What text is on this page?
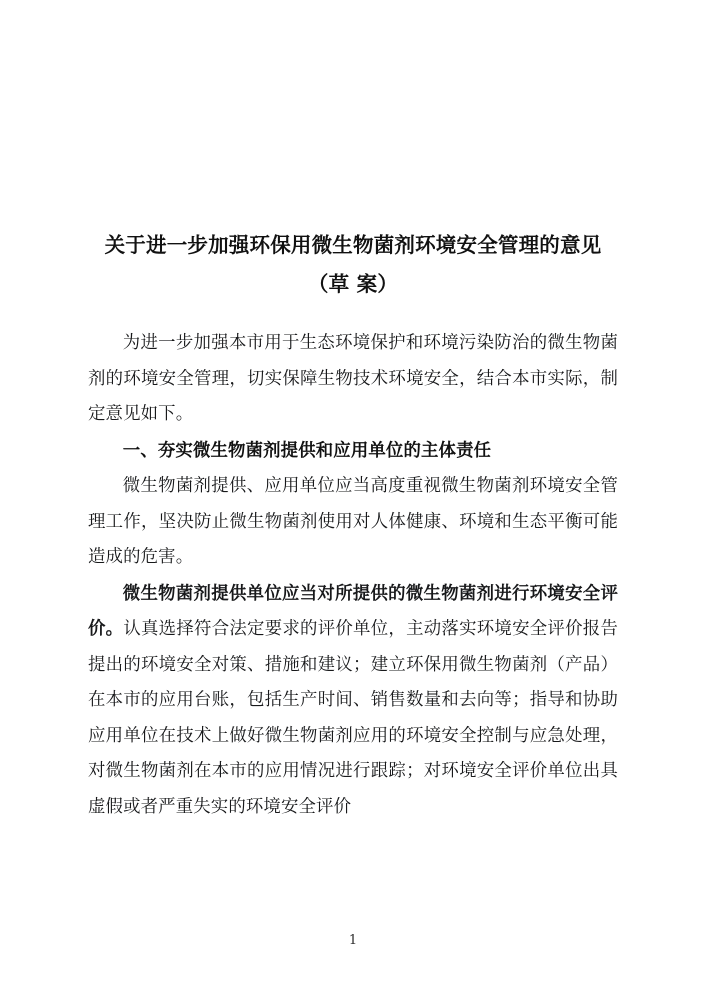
关于进一步加强环保用微生物菌剂环境安全管理的意见
（草 案）

为进一步加强本市用于生态环境保护和环境污染防治的微生物菌剂的环境安全管理，切实保障生物技术环境安全，结合本市实际，制定意见如下。

一、夯实微生物菌剂提供和应用单位的主体责任

微生物菌剂提供、应用单位应当高度重视微生物菌剂环境安全管理工作，坚决防止微生物菌剂使用对人体健康、环境和生态平衡可能造成的危害。

微生物菌剂提供单位应当对所提供的微生物菌剂进行环境安全评价。认真选择符合法定要求的评价单位，主动落实环境安全评价报告提出的环境安全对策、措施和建议；建立环保用微生物菌剂（产品）在本市的应用台账，包括生产时间、销售数量和去向等；指导和协助应用单位在技术上做好微生物菌剂应用的环境安全控制与应急处理，对微生物菌剂在本市的应用情况进行跟踪；对环境安全评价单位出具虚假或者严重失实的环境安全评价

1
